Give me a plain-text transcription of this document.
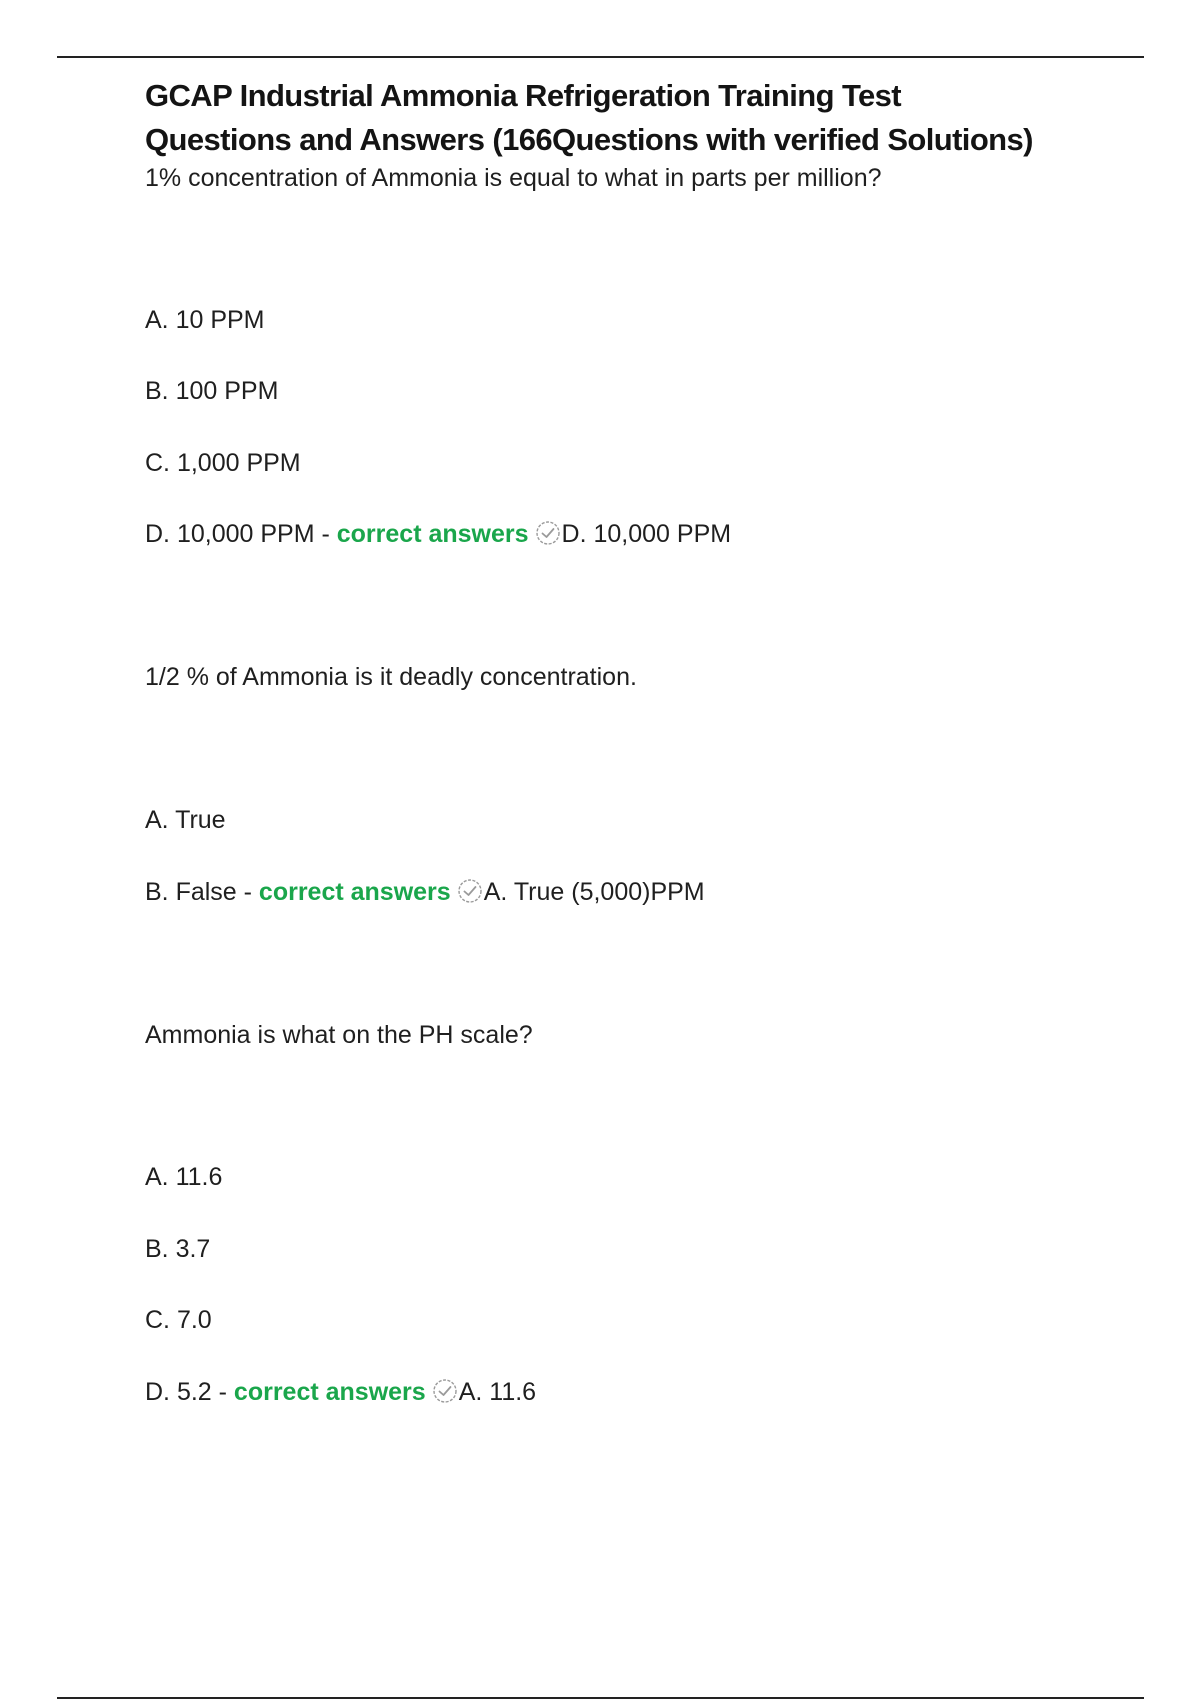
GCAP Industrial Ammonia Refrigeration Training Test
Questions and Answers (166Questions with verified Solutions)

1% concentration of Ammonia is equal to what in parts per million?

A. 10 PPM

B. 100 PPM

C. 1,000 PPM

D. 10,000 PPM - correct answers D. 10,000 PPM

1/2 % of Ammonia is it deadly concentration.

A. True

B. False - correct answers A. True (5,000)PPM

Ammonia is what on the PH scale?

A. 11.6

B. 3.7

C. 7.0

D. 5.2 - correct answers A. 11.6
